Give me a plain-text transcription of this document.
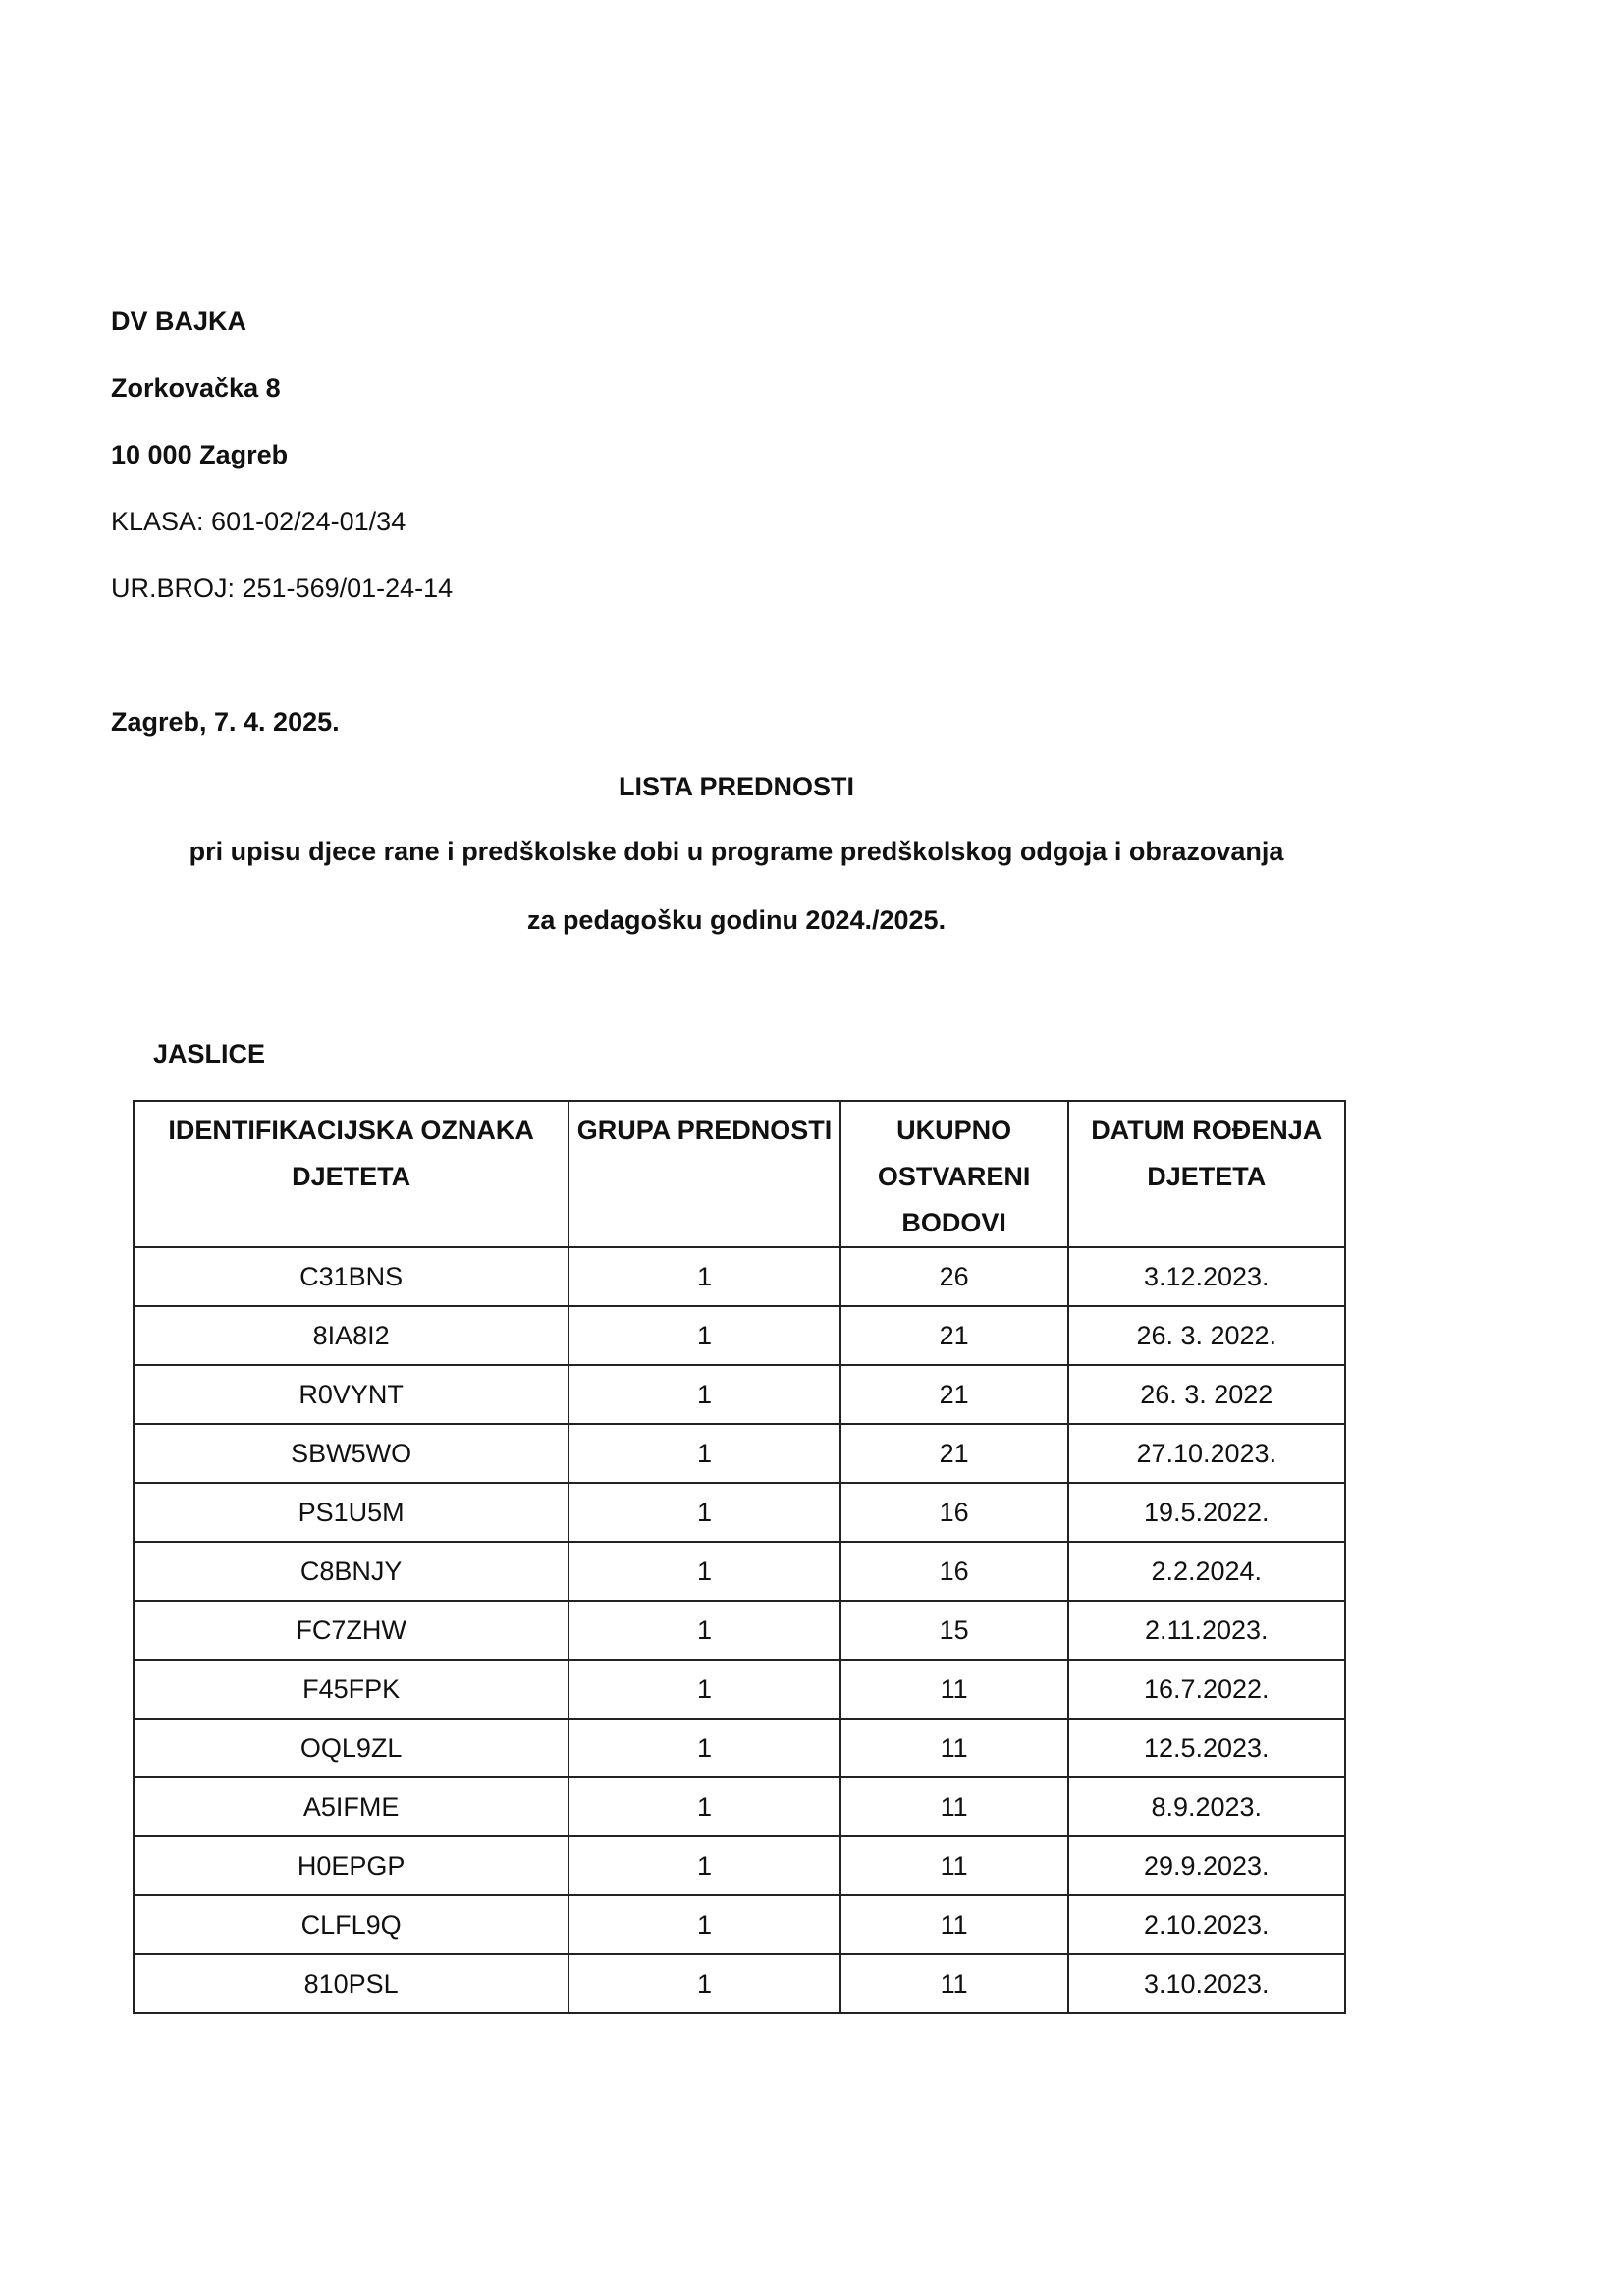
DV BAJKA
Zorkovačka 8
10 000 Zagreb
KLASA: 601-02/24-01/34
UR.BROJ: 251-569/01-24-14
Zagreb, 7. 4. 2025.
LISTA PREDNOSTI
pri upisu djece rane i predškolske dobi u programe predškolskog odgoja i obrazovanja
za pedagošku godinu 2024./2025.
JASLICE
IDENTIFIKACIJSKA OZNAKA DJETETA	GRUPA PREDNOSTI	UKUPNO OSTVARENI BODOVI	DATUM ROĐENJA DJETETA
C31BNS	1	26	3.12.2023.
8IA8I2	1	21	26. 3. 2022.
R0VYNT	1	21	26. 3. 2022
SBW5WO	1	21	27.10.2023.
PS1U5M	1	16	19.5.2022.
C8BNJY	1	16	2.2.2024.
FC7ZHW	1	15	2.11.2023.
F45FPK	1	11	16.7.2022.
OQL9ZL	1	11	12.5.2023.
A5IFME	1	11	8.9.2023.
H0EPGP	1	11	29.9.2023.
CLFL9Q	1	11	2.10.2023.
810PSL	1	11	3.10.2023.
